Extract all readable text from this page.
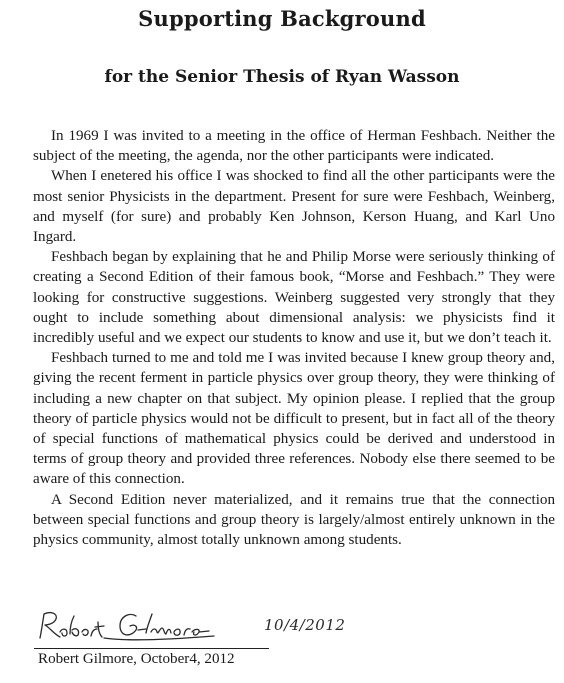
Supporting Background
for the Senior Thesis of Ryan Wasson

In 1969 I was invited to a meeting in the office of Herman Feshbach. Neither the subject of the meeting, the agenda, nor the other participants were indicated.

When I enetered his office I was shocked to find all the other participants were the most senior Physicists in the department. Present for sure were Feshbach, Weinberg, and myself (for sure) and probably Ken Johnson, Kerson Huang, and Karl Uno Ingard.

Feshbach began by explaining that he and Philip Morse were seriously thinking of creating a Second Edition of their famous book, “Morse and Feshbach.” They were looking for constructive suggestions. Weinberg suggested very strongly that they ought to include something about dimensional analysis: we physicists find it incredibly useful and we expect our students to know and use it, but we don’t teach it.

Feshbach turned to me and told me I was invited because I knew group theory and, giving the recent ferment in particle physics over group theory, they were thinking of including a new chapter on that subject. My opinion please. I replied that the group theory of particle physics would not be difficult to present, but in fact all of the theory of special functions of mathematical physics could be derived and understood in terms of group theory and provided three references. Nobody else there seemed to be aware of this connection.

A Second Edition never materialized, and it remains true that the connection between special functions and group theory is largely/almost entirely unknown in the physics community, almost totally unknown among students.

10/4/2012
Robert Gilmore, October4, 2012
